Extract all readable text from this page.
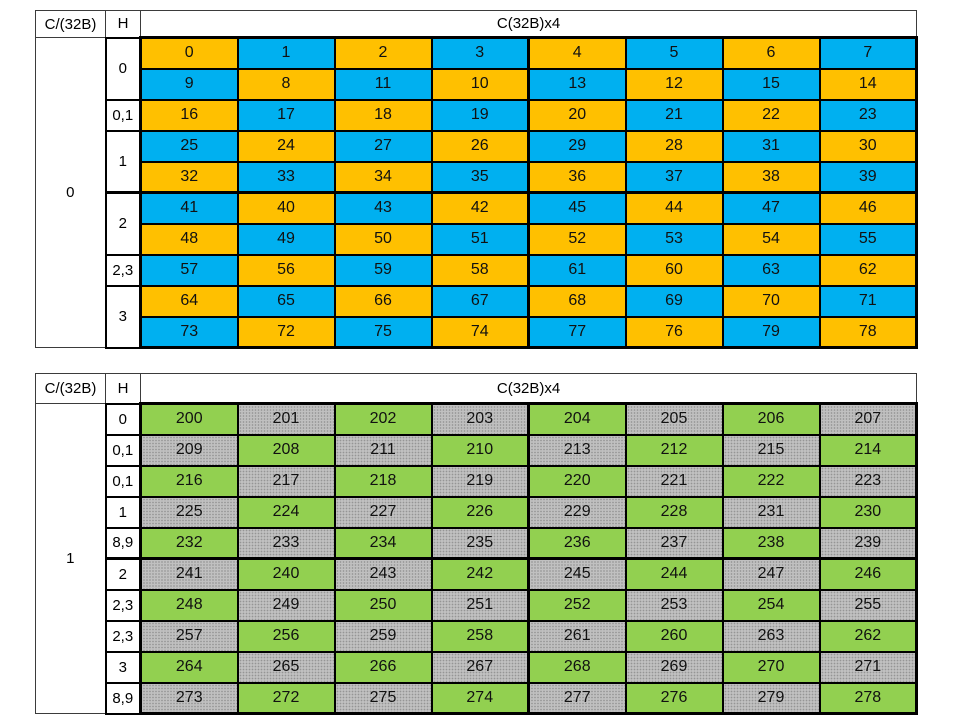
C/(32B)	H	C(32B)x4							
0	0	0	1	2	3	4	5	6	7
		9	8	11	10	13	12	15	14
	0,1	16	17	18	19	20	21	22	23
	1	25	24	27	26	29	28	31	30
		32	33	34	35	36	37	38	39
	2	41	40	43	42	45	44	47	46
		48	49	50	51	52	53	54	55
	2,3	57	56	59	58	61	60	63	62
	3	64	65	66	67	68	69	70	71
		73	72	75	74	77	76	79	78
C/(32B)	H	C(32B)x4							
1	0	200	201	202	203	204	205	206	207
	0,1	209	208	211	210	213	212	215	214
	0,1	216	217	218	219	220	221	222	223
	1	225	224	227	226	229	228	231	230
	8,9	232	233	234	235	236	237	238	239
	2	241	240	243	242	245	244	247	246
	2,3	248	249	250	251	252	253	254	255
	2,3	257	256	259	258	261	260	263	262
	3	264	265	266	267	268	269	270	271
	8,9	273	272	275	274	277	276	279	278
